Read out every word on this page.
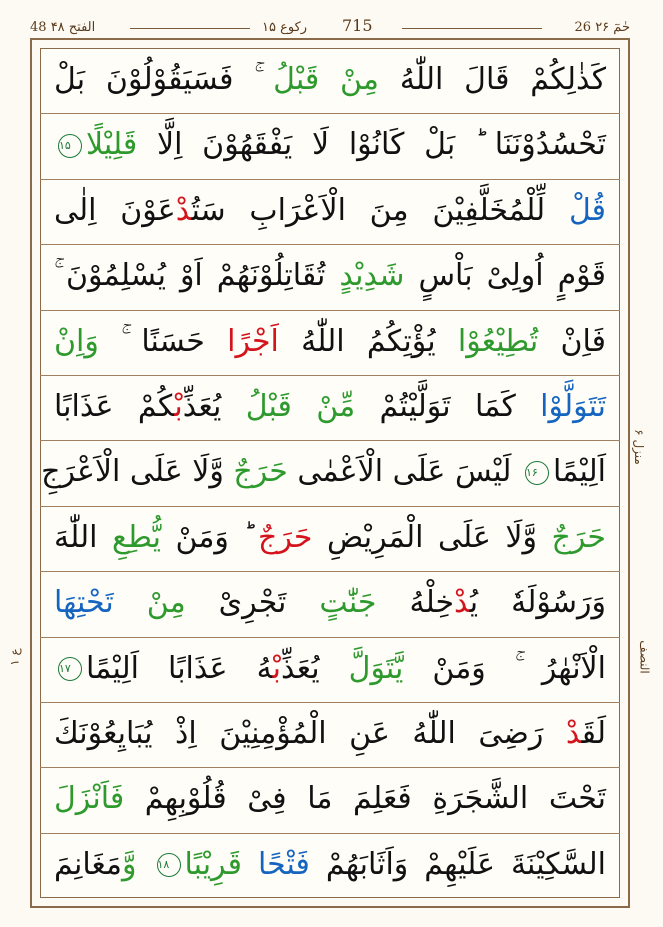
26 حٰمٓ ۲۶
715
رکوع ۱۵
48 الفتح ۴۸
كَذٰلِكُمْ قَالَ اللّٰهُ مِنْ قَبْلُ ۚ فَسَيَقُوْلُوْنَ بَلْ
تَحْسُدُوْنَنَا ؕ بَلْ كَانُوْا لَا يَفْقَهُوْنَ اِلَّا قَلِيْلًا۱۵
قُلْ لِّلْمُخَلَّفِيْنَ مِنَ الْاَعْرَابِ سَتُدْعَوْنَ اِلٰى
قَوْمٍ اُولِىْ بَاْسٍ شَدِيْدٍ تُقَاتِلُوْنَهُمْ اَوْ يُسْلِمُوْنَ ۚ
فَاِنْ تُطِيْعُوْا يُؤْتِكُمُ اللّٰهُ اَجْرًا حَسَنًا ۚ وَاِنْ
تَتَوَلَّوْا كَمَا تَوَلَّيْتُمْ مِّنْ قَبْلُ يُعَذِّبْكُمْ عَذَابًا
اَلِيْمًا۱۶ لَيْسَ عَلَى الْاَعْمٰى حَرَجٌ وَّلَا عَلَى الْاَعْرَجِ
حَرَجٌ وَّلَا عَلَى الْمَرِيْضِ حَرَجٌ ؕ وَمَنْ يُّطِعِ اللّٰهَ
وَرَسُوْلَهٗ يُدْخِلْهُ جَنّٰتٍ تَجْرِىْ مِنْ تَحْتِهَا
الْاَنْهٰرُ ۚ وَمَنْ يَّتَوَلَّ يُعَذِّبْهُ عَذَابًا اَلِيْمًا۱۷
لَقَدْ رَضِىَ اللّٰهُ عَنِ الْمُؤْمِنِيْنَ اِذْ يُبَايِعُوْنَكَ
تَحْتَ الشَّجَرَةِ فَعَلِمَ مَا فِىْ قُلُوْبِهِمْ فَاَنْزَلَ
السَّكِيْنَةَ عَلَيْهِمْ وَاَثَابَهُمْ فَتْحًا قَرِيْبًا۱۸ وَّمَغَانِمَ
منزل ۶
النصف
ع ۱
